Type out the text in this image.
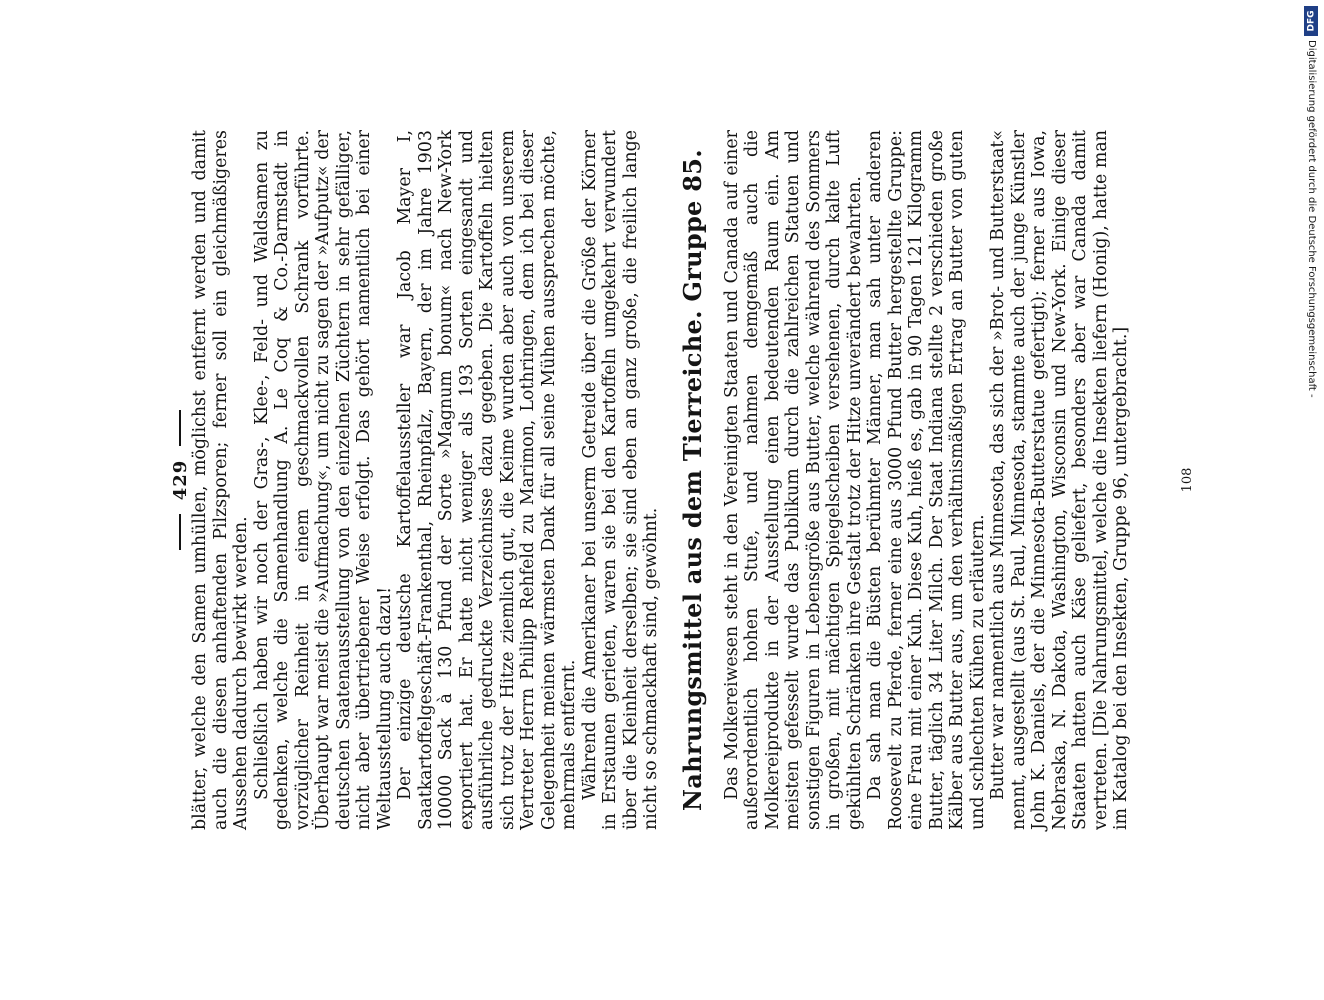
429 blätter, welche den Samen umhüllen, möglichst entfernt werden und damit auch die diesen anhaftenden Pilzsporen; ferner soll ein gleichmäßigeres Aussehen dadurch bewirkt werden. Schließlich haben wir noch der Gras-, Klee-, Feld- und Waldsamen zu gedenken, welche die Samenhandlung A. Le Coq & Co.-Darmstadt in vorzüglicher Reinheit in einem geschmackvollen Schrank vorführte. Überhaupt war meist die »Aufmachung«, um nicht zu sagen der »Aufputz« der deutschen Saatenausstellung von den einzelnen Züchtern in sehr gefälliger, nicht aber übertriebener Weise erfolgt. Das gehört namentlich bei einer Weltausstellung auch dazu! Der einzige deutsche Kartoffelaussteller war Jacob Mayer I, Saatkartoffelgeschäft-Frankenthal, Rheinpfalz, Bayern, der im Jahre 1903 10000 Sack à 130 Pfund der Sorte »Magnum bonum« nach New-York exportiert hat. Er hatte nicht weniger als 193 Sorten eingesandt und ausführliche gedruckte Verzeichnisse dazu gegeben. Die Kartoffeln hielten sich trotz der Hitze ziemlich gut, die Keime wurden aber auch von unserem Vertreter Herrn Philipp Rehfeld zu Marimon, Lothringen, dem ich bei dieser Gelegenheit meinen wärmsten Dank für all seine Mühen aussprechen möchte, mehrmals entfernt. Während die Amerikaner bei unserm Getreide über die Größe der Körner in Erstaunen gerieten, waren sie bei den Kartoffeln umgekehrt verwundert über die Kleinheit derselben; sie sind eben an ganz große, die freilich lange nicht so schmackhaft sind, gewöhnt. Nahrungsmittel aus dem Tierreiche. Gruppe 85. Das Molkereiwesen steht in den Vereinigten Staaten und Canada auf einer außerordentlich hohen Stufe, und nahmen demgemäß auch die Molkereiprodukte in der Ausstellung einen bedeutenden Raum ein. Am meisten gefesselt wurde das Publikum durch die zahlreichen Statuen und sonstigen Figuren in Lebensgröße aus Butter, welche während des Sommers in großen, mit mächtigen Spiegelscheiben versehenen, durch kalte Luft gekühlten Schränken ihre Gestalt trotz der Hitze unverändert bewahrten. Da sah man die Büsten berühmter Männer, man sah unter anderen Roosevelt zu Pferde, ferner eine aus 3000 Pfund Butter hergestellte Gruppe: eine Frau mit einer Kuh. Diese Kuh, hieß es, gab in 90 Tagen 121 Kilogramm Butter, täglich 34 Liter Milch. Der Staat Indiana stellte 2 verschieden große Kälber aus Butter aus, um den verhältnismäßigen Ertrag an Butter von guten und schlechten Kühen zu erläutern. Butter war namentlich aus Minnesota, das sich der »Brot- und Butterstaat« nennt, ausgestellt (aus St. Paul, Minnesota, stammte auch der junge Künstler John K. Daniels, der die Minnesota-Butterstatue gefertigt); ferner aus Iowa, Nebraska, N. Dakota, Washington, Wisconsin und New-York. Einige dieser Staaten hatten auch Käse geliefert, besonders aber war Canada damit vertreten. [Die Nahrungsmittel, welche die Insekten liefern (Honig), hatte man im Katalog bei den Insekten, Gruppe 96, untergebracht.]	108
DFG
Digitalisierung gefördert durch die Deutsche Forschungsgemeinschaft -
